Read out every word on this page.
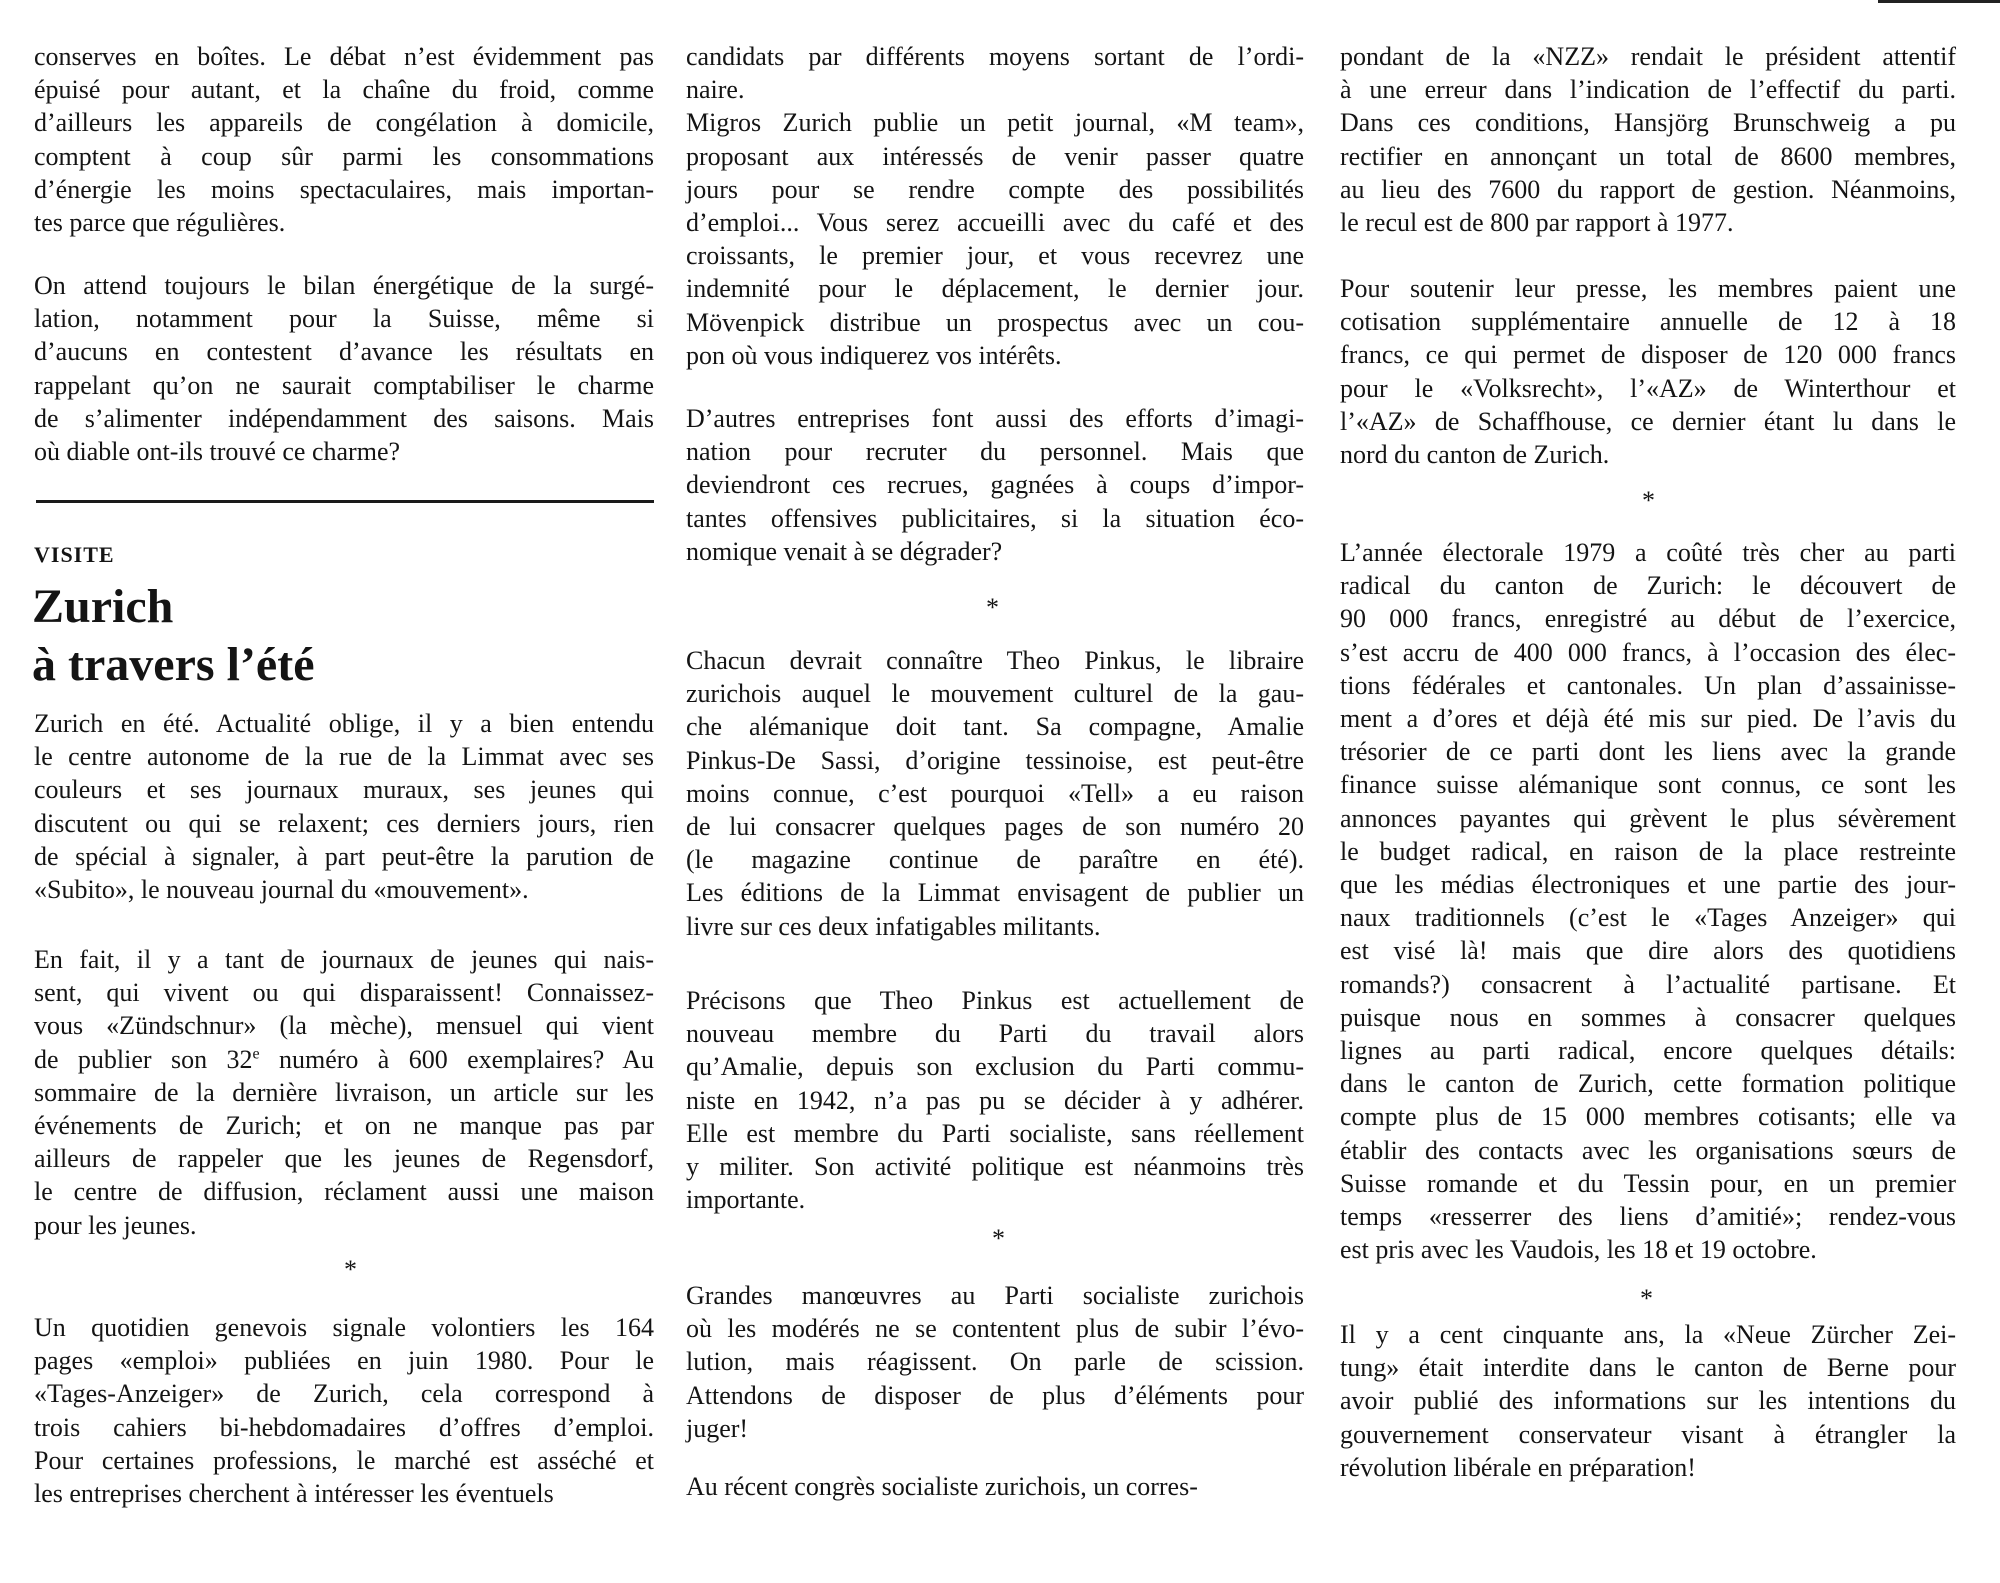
conserves en boîtes. Le débat n’est évidemment pas
épuisé pour autant, et la chaîne du froid, comme
d’ailleurs les appareils de congélation à domicile,
comptent à coup sûr parmi les consommations
d’énergie les moins spectaculaires, mais importan-
tes parce que régulières.
On attend toujours le bilan énergétique de la surgé-
lation, notamment pour la Suisse, même si
d’aucuns en contestent d’avance les résultats en
rappelant qu’on ne saurait comptabiliser le charme
de s’alimenter indépendamment des saisons. Mais
où diable ont-ils trouvé ce charme?
Zurich en été. Actualité oblige, il y a bien entendu
le centre autonome de la rue de la Limmat avec ses
couleurs et ses journaux muraux, ses jeunes qui
discutent ou qui se relaxent; ces derniers jours, rien
de spécial à signaler, à part peut-être la parution de
«Subito», le nouveau journal du «mouvement».
En fait, il y a tant de journaux de jeunes qui nais-
sent, qui vivent ou qui disparaissent! Connaissez-
vous «Zündschnur» (la mèche), mensuel qui vient
de publier son 32e numéro à 600 exemplaires? Au
sommaire de la dernière livraison, un article sur les
événements de Zurich; et on ne manque pas par
ailleurs de rappeler que les jeunes de Regensdorf,
le centre de diffusion, réclament aussi une maison
pour les jeunes.
Un quotidien genevois signale volontiers les 164
pages «emploi» publiées en juin 1980. Pour le
«Tages-Anzeiger» de Zurich, cela correspond à
trois cahiers bi-hebdomadaires d’offres d’emploi.
Pour certaines professions, le marché est asséché et
les entreprises cherchent à intéresser les éventuels
*
candidats par différents moyens sortant de l’ordi-
naire.
Migros Zurich publie un petit journal, «M team»,
proposant aux intéressés de venir passer quatre
jours pour se rendre compte des possibilités
d’emploi... Vous serez accueilli avec du café et des
croissants, le premier jour, et vous recevrez une
indemnité pour le déplacement, le dernier jour.
Mövenpick distribue un prospectus avec un cou-
pon où vous indiquerez vos intérêts.
D’autres entreprises font aussi des efforts d’imagi-
nation pour recruter du personnel. Mais que
deviendront ces recrues, gagnées à coups d’impor-
tantes offensives publicitaires, si la situation éco-
nomique venait à se dégrader?
Chacun devrait connaître Theo Pinkus, le libraire
zurichois auquel le mouvement culturel de la gau-
che alémanique doit tant. Sa compagne, Amalie
Pinkus-De Sassi, d’origine tessinoise, est peut-être
moins connue, c’est pourquoi «Tell» a eu raison
de lui consacrer quelques pages de son numéro 20
(le magazine continue de paraître en été).
Les éditions de la Limmat envisagent de publier un
livre sur ces deux infatigables militants.
Précisons que Theo Pinkus est actuellement de
nouveau membre du Parti du travail alors
qu’Amalie, depuis son exclusion du Parti commu-
niste en 1942, n’a pas pu se décider à y adhérer.
Elle est membre du Parti socialiste, sans réellement
y militer. Son activité politique est néanmoins très
importante.
Grandes manœuvres au Parti socialiste zurichois
où les modérés ne se contentent plus de subir l’évo-
lution, mais réagissent. On parle de scission.
Attendons de disposer de plus d’éléments pour
juger!
Au récent congrès socialiste zurichois, un corres-
*
*
pondant de la «NZZ» rendait le président attentif
à une erreur dans l’indication de l’effectif du parti.
Dans ces conditions, Hansjörg Brunschweig a pu
rectifier en annonçant un total de 8600 membres,
au lieu des 7600 du rapport de gestion. Néanmoins,
le recul est de 800 par rapport à 1977.
Pour soutenir leur presse, les membres paient une
cotisation supplémentaire annuelle de 12 à 18
francs, ce qui permet de disposer de 120 000 francs
pour le «Volksrecht», l’«AZ» de Winterthour et
l’«AZ» de Schaffhouse, ce dernier étant lu dans le
nord du canton de Zurich.
L’année électorale 1979 a coûté très cher au parti
radical du canton de Zurich: le découvert de
90 000 francs, enregistré au début de l’exercice,
s’est accru de 400 000 francs, à l’occasion des élec-
tions fédérales et cantonales. Un plan d’assainisse-
ment a d’ores et déjà été mis sur pied. De l’avis du
trésorier de ce parti dont les liens avec la grande
finance suisse alémanique sont connus, ce sont les
annonces payantes qui grèvent le plus sévèrement
le budget radical, en raison de la place restreinte
que les médias électroniques et une partie des jour-
naux traditionnels (c’est le «Tages Anzeiger» qui
est visé là! mais que dire alors des quotidiens
romands?) consacrent à l’actualité partisane. Et
puisque nous en sommes à consacrer quelques
lignes au parti radical, encore quelques détails:
dans le canton de Zurich, cette formation politique
compte plus de 15 000 membres cotisants; elle va
établir des contacts avec les organisations sœurs de
Suisse romande et du Tessin pour, en un premier
temps «resserrer des liens d’amitié»; rendez-vous
est pris avec les Vaudois, les 18 et 19 octobre.
Il y a cent cinquante ans, la «Neue Zürcher Zei-
tung» était interdite dans le canton de Berne pour
avoir publié des informations sur les intentions du
gouvernement conservateur visant à étrangler la
révolution libérale en préparation!
*
*
VISITE
Zurich
à travers l’été
